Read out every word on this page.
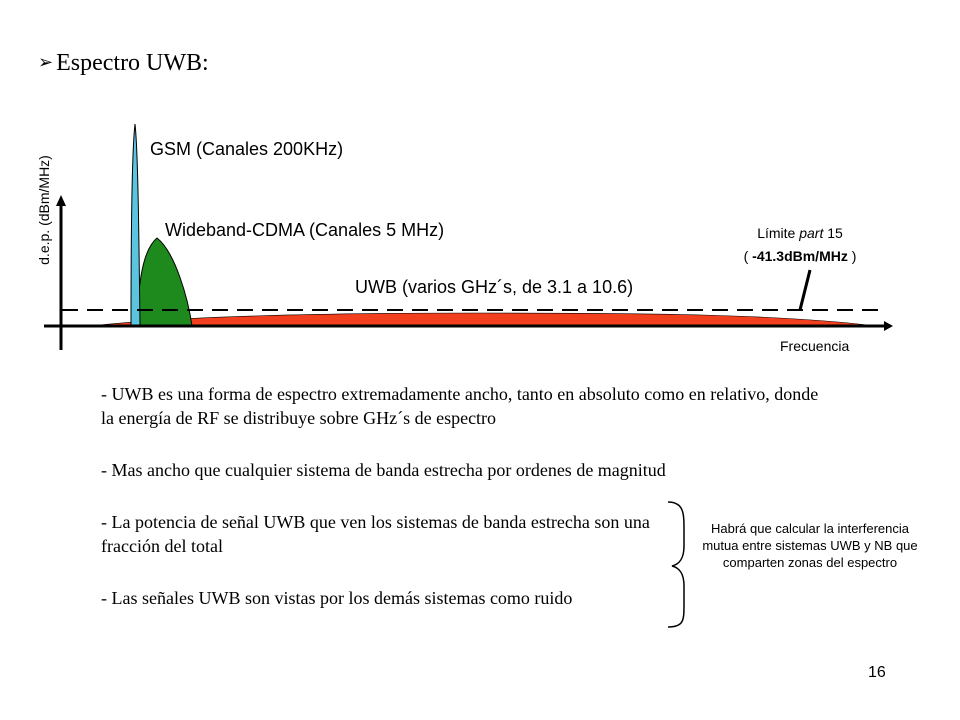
➢ Espectro UWB:
GSM (Canales 200KHz)
Wideband-CDMA (Canales 5 MHz)
UWB (varios GHz´s, de 3.1 a 10.6)
d.e.p. (dBm/MHz)	Límite part 15
( -41.3dBm/MHz )
Frecuencia
- UWB es una forma de espectro extremadamente ancho, tanto en absoluto como en relativo, donde la energía de RF se distribuye sobre GHz´s de espectro
- Mas ancho que cualquier sistema de banda estrecha por ordenes de magnitud
- La potencia de señal UWB que ven los sistemas de banda estrecha son una fracción del total
- Las señales UWB son vistas por los demás sistemas como ruido
Habrá que calcular la interferencia mutua entre sistemas UWB y NB que comparten zonas del espectro
16
